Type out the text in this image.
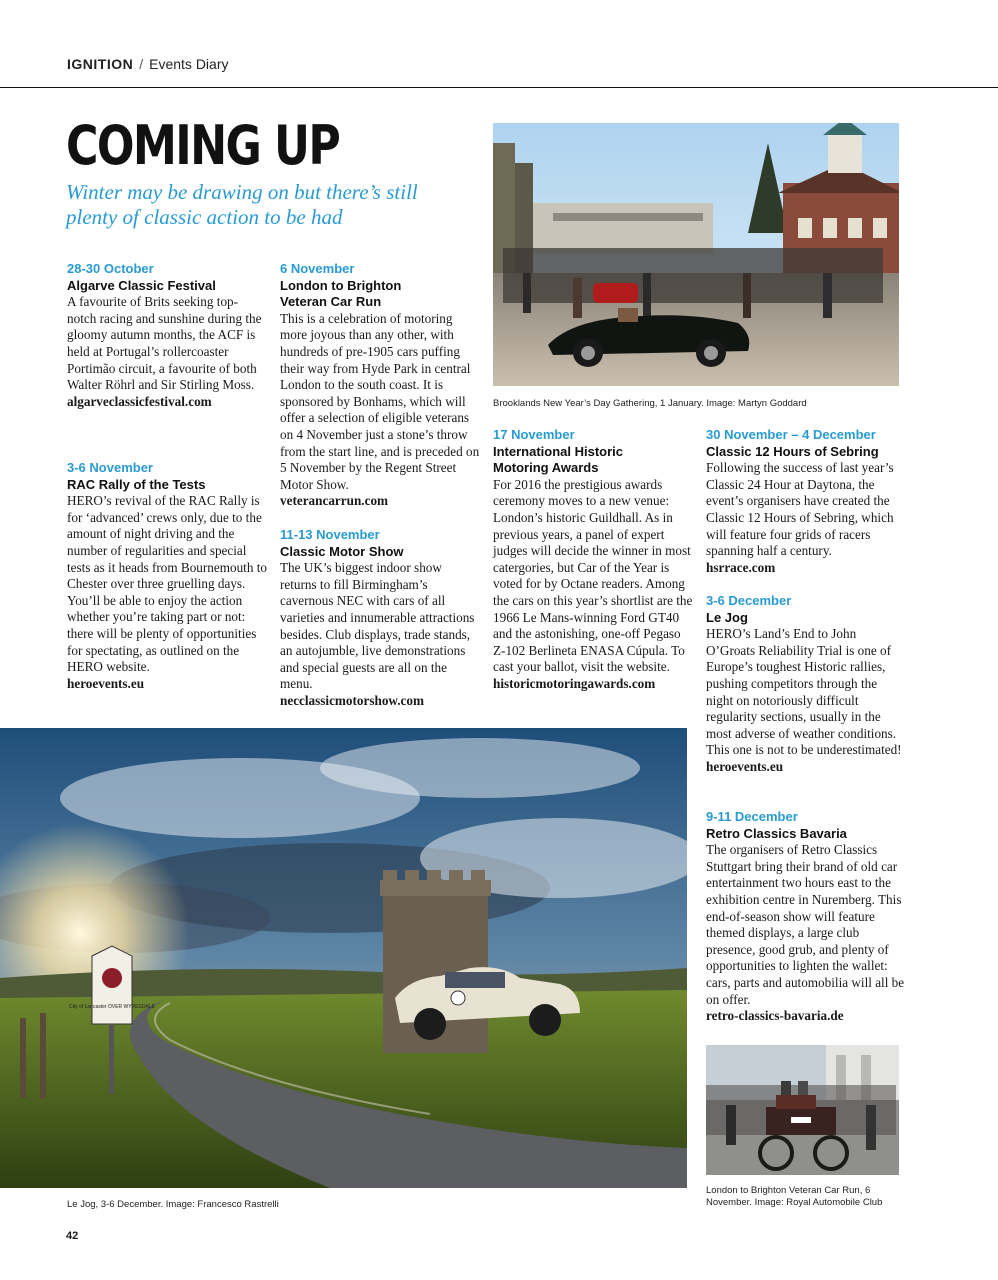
IGNITION / Events Diary
COMING UP
Winter may be drawing on but there’s still plenty of classic action to be had
28-30 October
Algarve Classic Festival
A favourite of Brits seeking top-notch racing and sunshine during the gloomy autumn months, the ACF is held at Portugal’s rollercoaster Portimão circuit, a favourite of both Walter Röhrl and Sir Stirling Moss.
algarveclassicfestival.com
3-6 November
RAC Rally of the Tests
HERO’s revival of the RAC Rally is for ‘advanced’ crews only, due to the amount of night driving and the number of regularities and special tests as it heads from Bournemouth to Chester over three gruelling days. You’ll be able to enjoy the action whether you’re taking part or not: there will be plenty of opportunities for spectating, as outlined on the HERO website.
heroevents.eu
6 November
London to Brighton Veteran Car Run
This is a celebration of motoring more joyous than any other, with hundreds of pre-1905 cars puffing their way from Hyde Park in central London to the south coast. It is sponsored by Bonhams, which will offer a selection of eligible veterans on 4 November just a stone’s throw from the start line, and is preceded on 5 November by the Regent Street Motor Show.
veterancarrun.com
11-13 November
Classic Motor Show
The UK’s biggest indoor show returns to fill Birmingham’s cavernous NEC with cars of all varieties and innumerable attractions besides. Club displays, trade stands, an autojumble, live demonstrations and special guests are all on the menu.
necclassicmotorshow.com
Brooklands New Year’s Day Gathering, 1 January. Image: Martyn Goddard
17 November
International Historic Motoring Awards
For 2016 the prestigious awards ceremony moves to a new venue: London’s historic Guildhall. As in previous years, a panel of expert judges will decide the winner in most catergories, but Car of the Year is voted for by Octane readers. Among the cars on this year’s shortlist are the 1966 Le Mans-winning Ford GT40 and the astonishing, one-off Pegaso Z-102 Berlineta ENASA Cúpula. To cast your ballot, visit the website.
historicmotoringawards.com
30 November – 4 December
Classic 12 Hours of Sebring
Following the success of last year’s Classic 24 Hour at Daytona, the event’s organisers have created the Classic 12 Hours of Sebring, which will feature four grids of racers spanning half a century.
hsrrace.com
3-6 December
Le Jog
HERO’s Land’s End to John O’Groats Reliability Trial is one of Europe’s toughest Historic rallies, pushing competitors through the night on notoriously difficult regularity sections, usually in the most adverse of weather conditions. This one is not to be underestimated!
heroevents.eu
9-11 December
Retro Classics Bavaria
The organisers of Retro Classics Stuttgart bring their brand of old car entertainment two hours east to the exhibition centre in Nuremberg. This end-of-season show will feature themed displays, a large club presence, good grub, and plenty of opportunities to lighten the wallet: cars, parts and automobilia will all be on offer.
retro-classics-bavaria.de
City of Lancaster OVER WYRESDALE
Le Jog, 3-6 December. Image: Francesco Rastrelli
London to Brighton Veteran Car Run, 6 November. Image: Royal Automobile Club
42
